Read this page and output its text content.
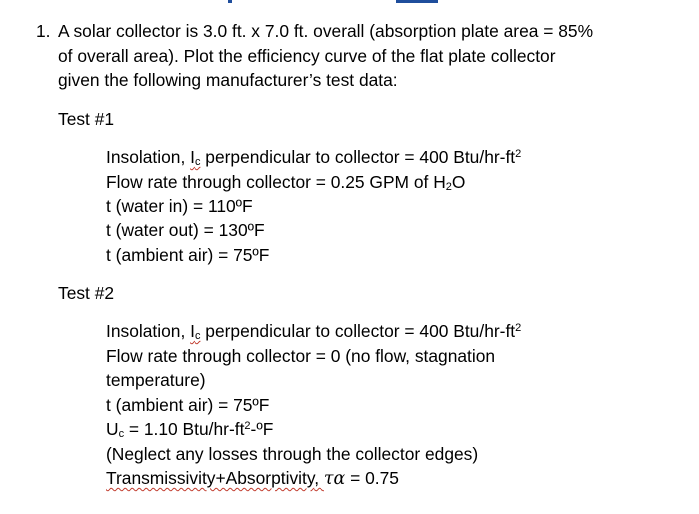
1. A solar collector is 3.0 ft. x 7.0 ft. overall (absorption plate area = 85%
of overall area). Plot the efficiency curve of the flat plate collector
given the following manufacturer’s test data:
Test #1
Insolation, $I_c$ perpendicular to collector = 400 Btu/$hr-ft^2$
Flow rate through collector = 0.25 GPM of $H_2O$
t (water in) = 110ºF
t (water out) = 130ºF
t (ambient air) = 75ºF
Test #2
Insolation, $I_c$ perpendicular to collector = 400 Btu/$hr-ft^2$
Flow rate through collector = 0 (no flow, stagnation
temperature)
t (ambient air) = 75ºF
$U_c = 1.10$ Btu/$hr-ft^2-ºF$
(Neglect any losses through the collector edges)
Transmissivity+Absorptivity, τα = 0.75
